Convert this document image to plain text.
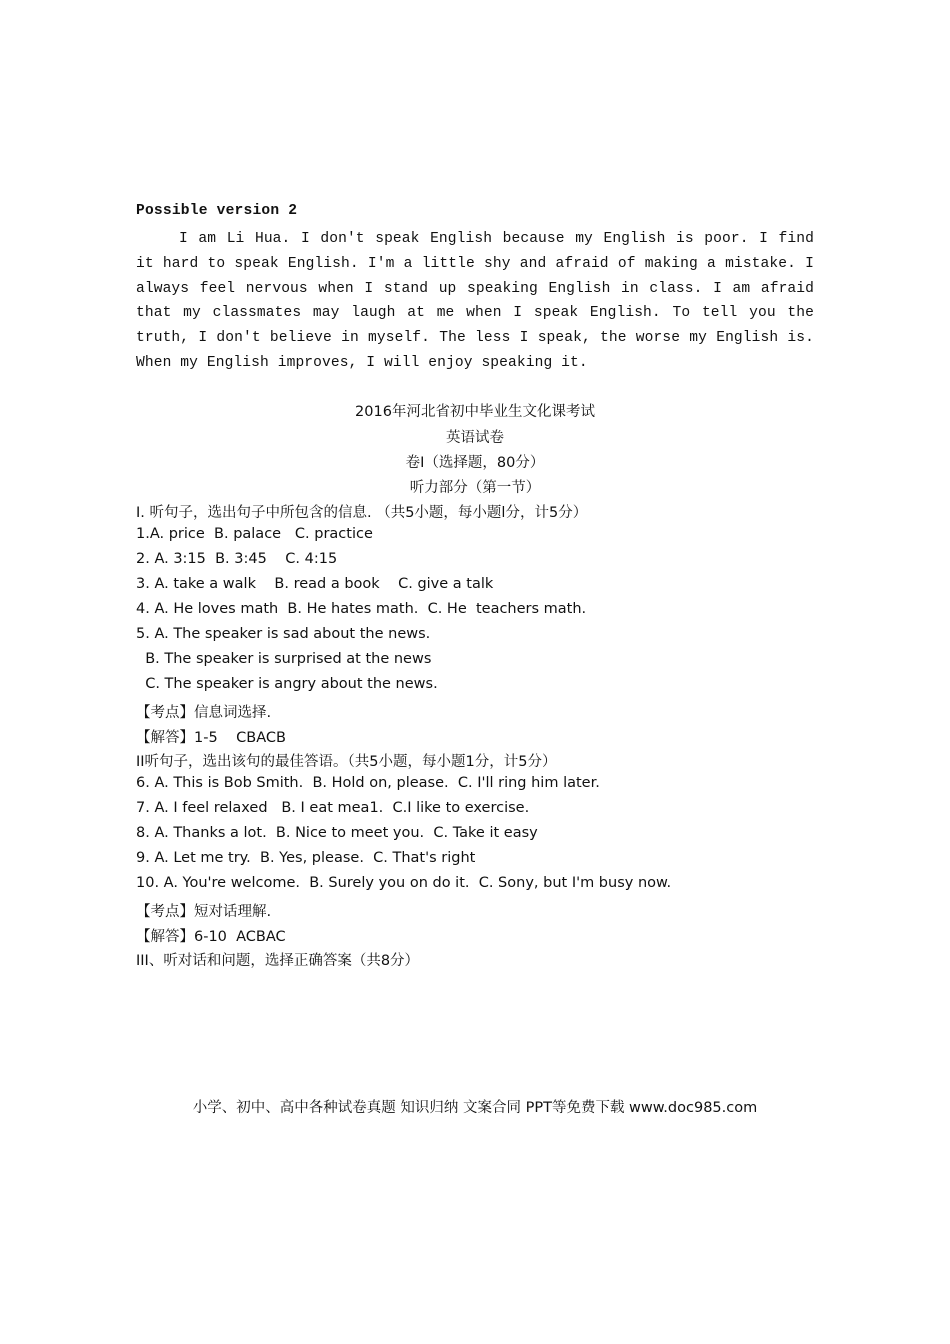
Possible version 2

I am Li Hua. I don't speak English because my English is poor. I find it hard to speak English. I'm a little shy and afraid of making a mistake. I always feel nervous when I stand up speaking English in class. I am afraid that my classmates may laugh at me when I speak English. To tell you the truth, I don't believe in myself. The less I speak, the worse my English is. When my English improves, I will enjoy speaking it.

2016年河北省初中毕业生文化课考试
英语试卷
卷Ⅰ（选择题，80分）
听力部分（第一节）
I. 听句子，选出句子中所包含的信息. （共5小题，每小题l分，计5分）
1.A. price  B. palace   C. practice
2. A. 3:15  B. 3:45    C. 4:15
3. A. take a walk    B. read a book    C. give a talk
4. A. He loves math  B. He hates math.  C. He  teachers math.
5. A. The speaker is sad about the news.
B. The speaker is surprised at the news
C. The speaker is angry about the news.
【考点】信息词选择.
【解答】1-5    CBACB
II听句子，选出该句的最佳答语。（共5小题，每小题1分，计5分）
6. A. This is Bob Smith.  B. Hold on, please.  C. I'll ring him later.
7. A. I feel relaxed   B. I eat mea1.  C.I like to exercise.
8. A. Thanks a lot.  B. Nice to meet you.  C. Take it easy
9. A. Let me try.  B. Yes, please.  C. That's right
10. A. You're welcome.  B. Surely you on do it.  C. Sony, but I'm busy now.
【考点】短对话理解.
【解答】6-10  ACBAC
III、听对话和问题，选择正确答案（共8分）
小学、初中、高中各种试卷真题 知识归纳 文案合同 PPT等免费下载 www.doc985.com
